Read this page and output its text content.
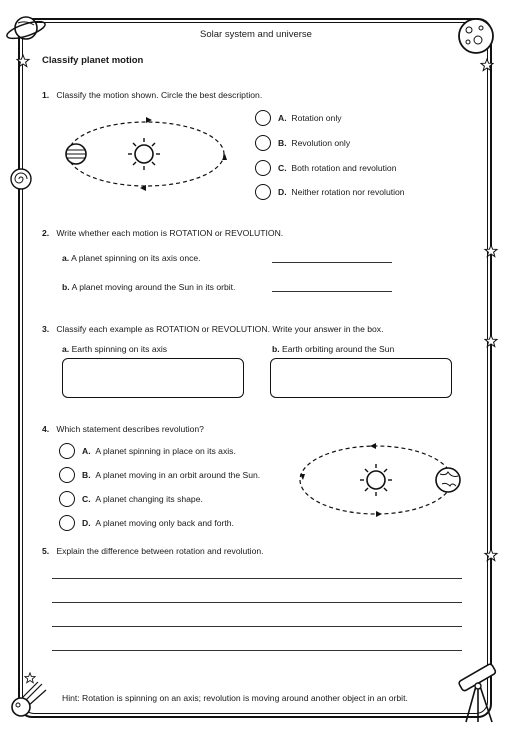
Solar system and universe
Classify planet motion
1. Classify the motion shown. Circle the best description.
A.
Rotation only
B.
Revolution only
C.
Both rotation and revolution
D.
Neither rotation nor revolution
2. Write whether each motion is ROTATION or REVOLUTION.
a. A planet spinning on its axis once.
b. A planet moving around the Sun in its orbit.
3. Classify each example as ROTATION or REVOLUTION. Write your answer in the box.
a. Earth spinning on its axis	b. Earth orbiting around the Sun
4. Which statement describes revolution?
A.
A planet spinning in place on its axis.
B.
A planet moving in an orbit around the Sun.
C.
A planet changing its shape.
D.
A planet moving only back and forth.
5. Explain the difference between rotation and revolution.
Hint: Rotation is spinning on an axis; revolution is moving around another object in an orbit.
